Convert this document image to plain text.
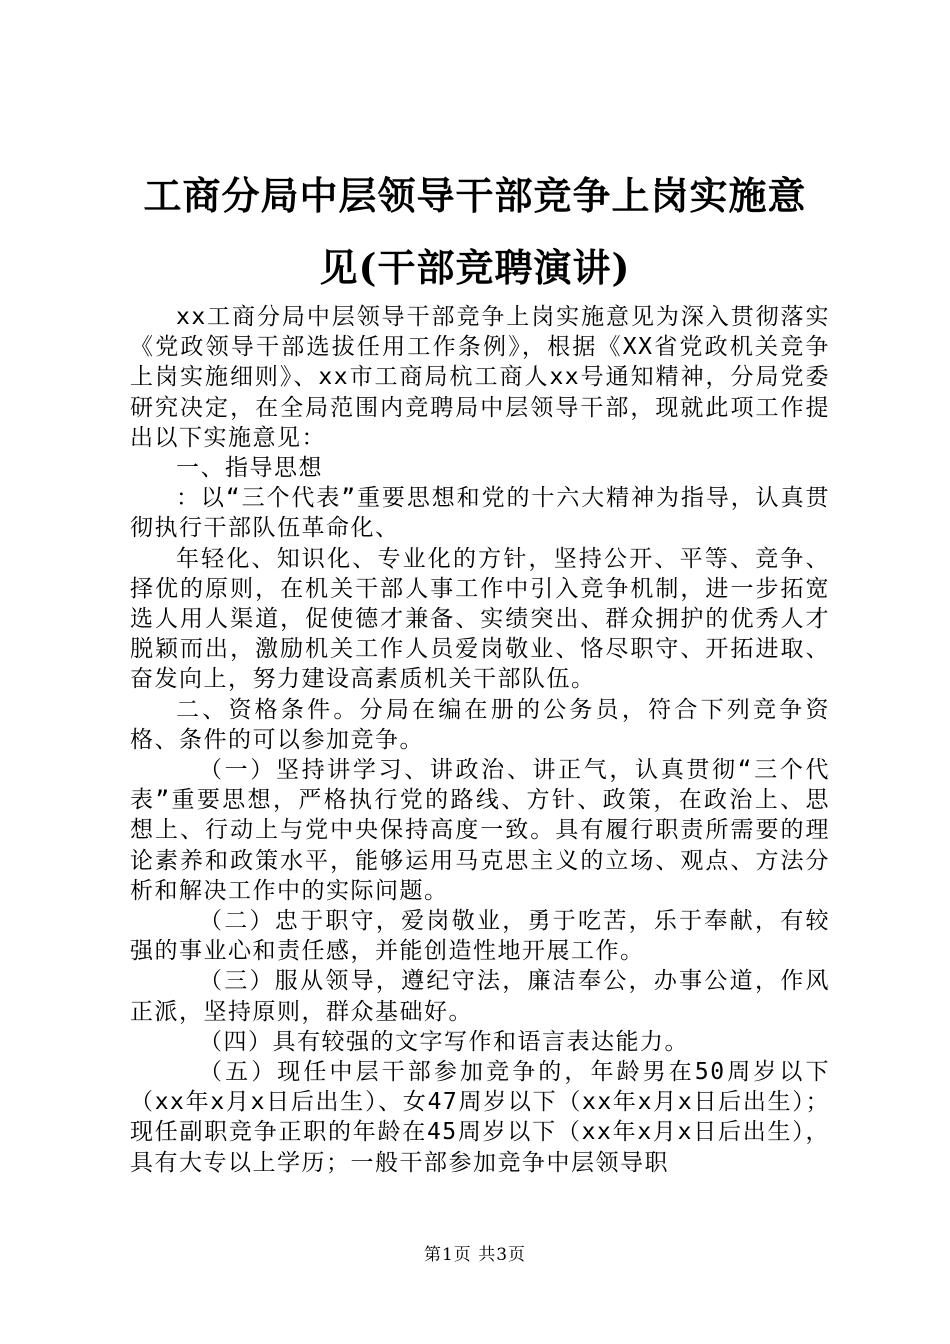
工商分局中层领导干部竞争上岗实施意见(干部竞聘演讲)

xx工商分局中层领导干部竞争上岗实施意见为深入贯彻落实《党政领导干部选拔任用工作条例》，根据《XX省党政机关竞争上岗实施细则》、xx市工商局杭工商人xx号通知精神，分局党委研究决定，在全局范围内竞聘局中层领导干部，现就此项工作提出以下实施意见：

一、指导思想

：以“三个代表”重要思想和党的十六大精神为指导，认真贯彻执行干部队伍革命化、

年轻化、知识化、专业化的方针，坚持公开、平等、竞争、择优的原则，在机关干部人事工作中引入竞争机制，进一步拓宽选人用人渠道，促使德才兼备、实绩突出、群众拥护的优秀人才脱颖而出，激励机关工作人员爱岗敬业、恪尽职守、开拓进取、奋发向上，努力建设高素质机关干部队伍。

二、资格条件。分局在编在册的公务员，符合下列竞争资格、条件的可以参加竞争。

（一）坚持讲学习、讲政治、讲正气，认真贯彻“三个代表”重要思想，严格执行党的路线、方针、政策，在政治上、思想上、行动上与党中央保持高度一致。具有履行职责所需要的理论素养和政策水平，能够运用马克思主义的立场、观点、方法分析和解决工作中的实际问题。

（二）忠于职守，爱岗敬业，勇于吃苦，乐于奉献，有较强的事业心和责任感，并能创造性地开展工作。

（三）服从领导，遵纪守法，廉洁奉公，办事公道，作风正派，坚持原则，群众基础好。

（四）具有较强的文字写作和语言表达能力。

（五）现任中层干部参加竞争的，年龄男在50周岁以下（xx年x月x日后出生）、女47周岁以下（xx年x月x日后出生）；现任副职竞争正职的年龄在45周岁以下（xx年x月x日后出生），具有大专以上学历；一般干部参加竞争中层领导职

第1页 共3页
